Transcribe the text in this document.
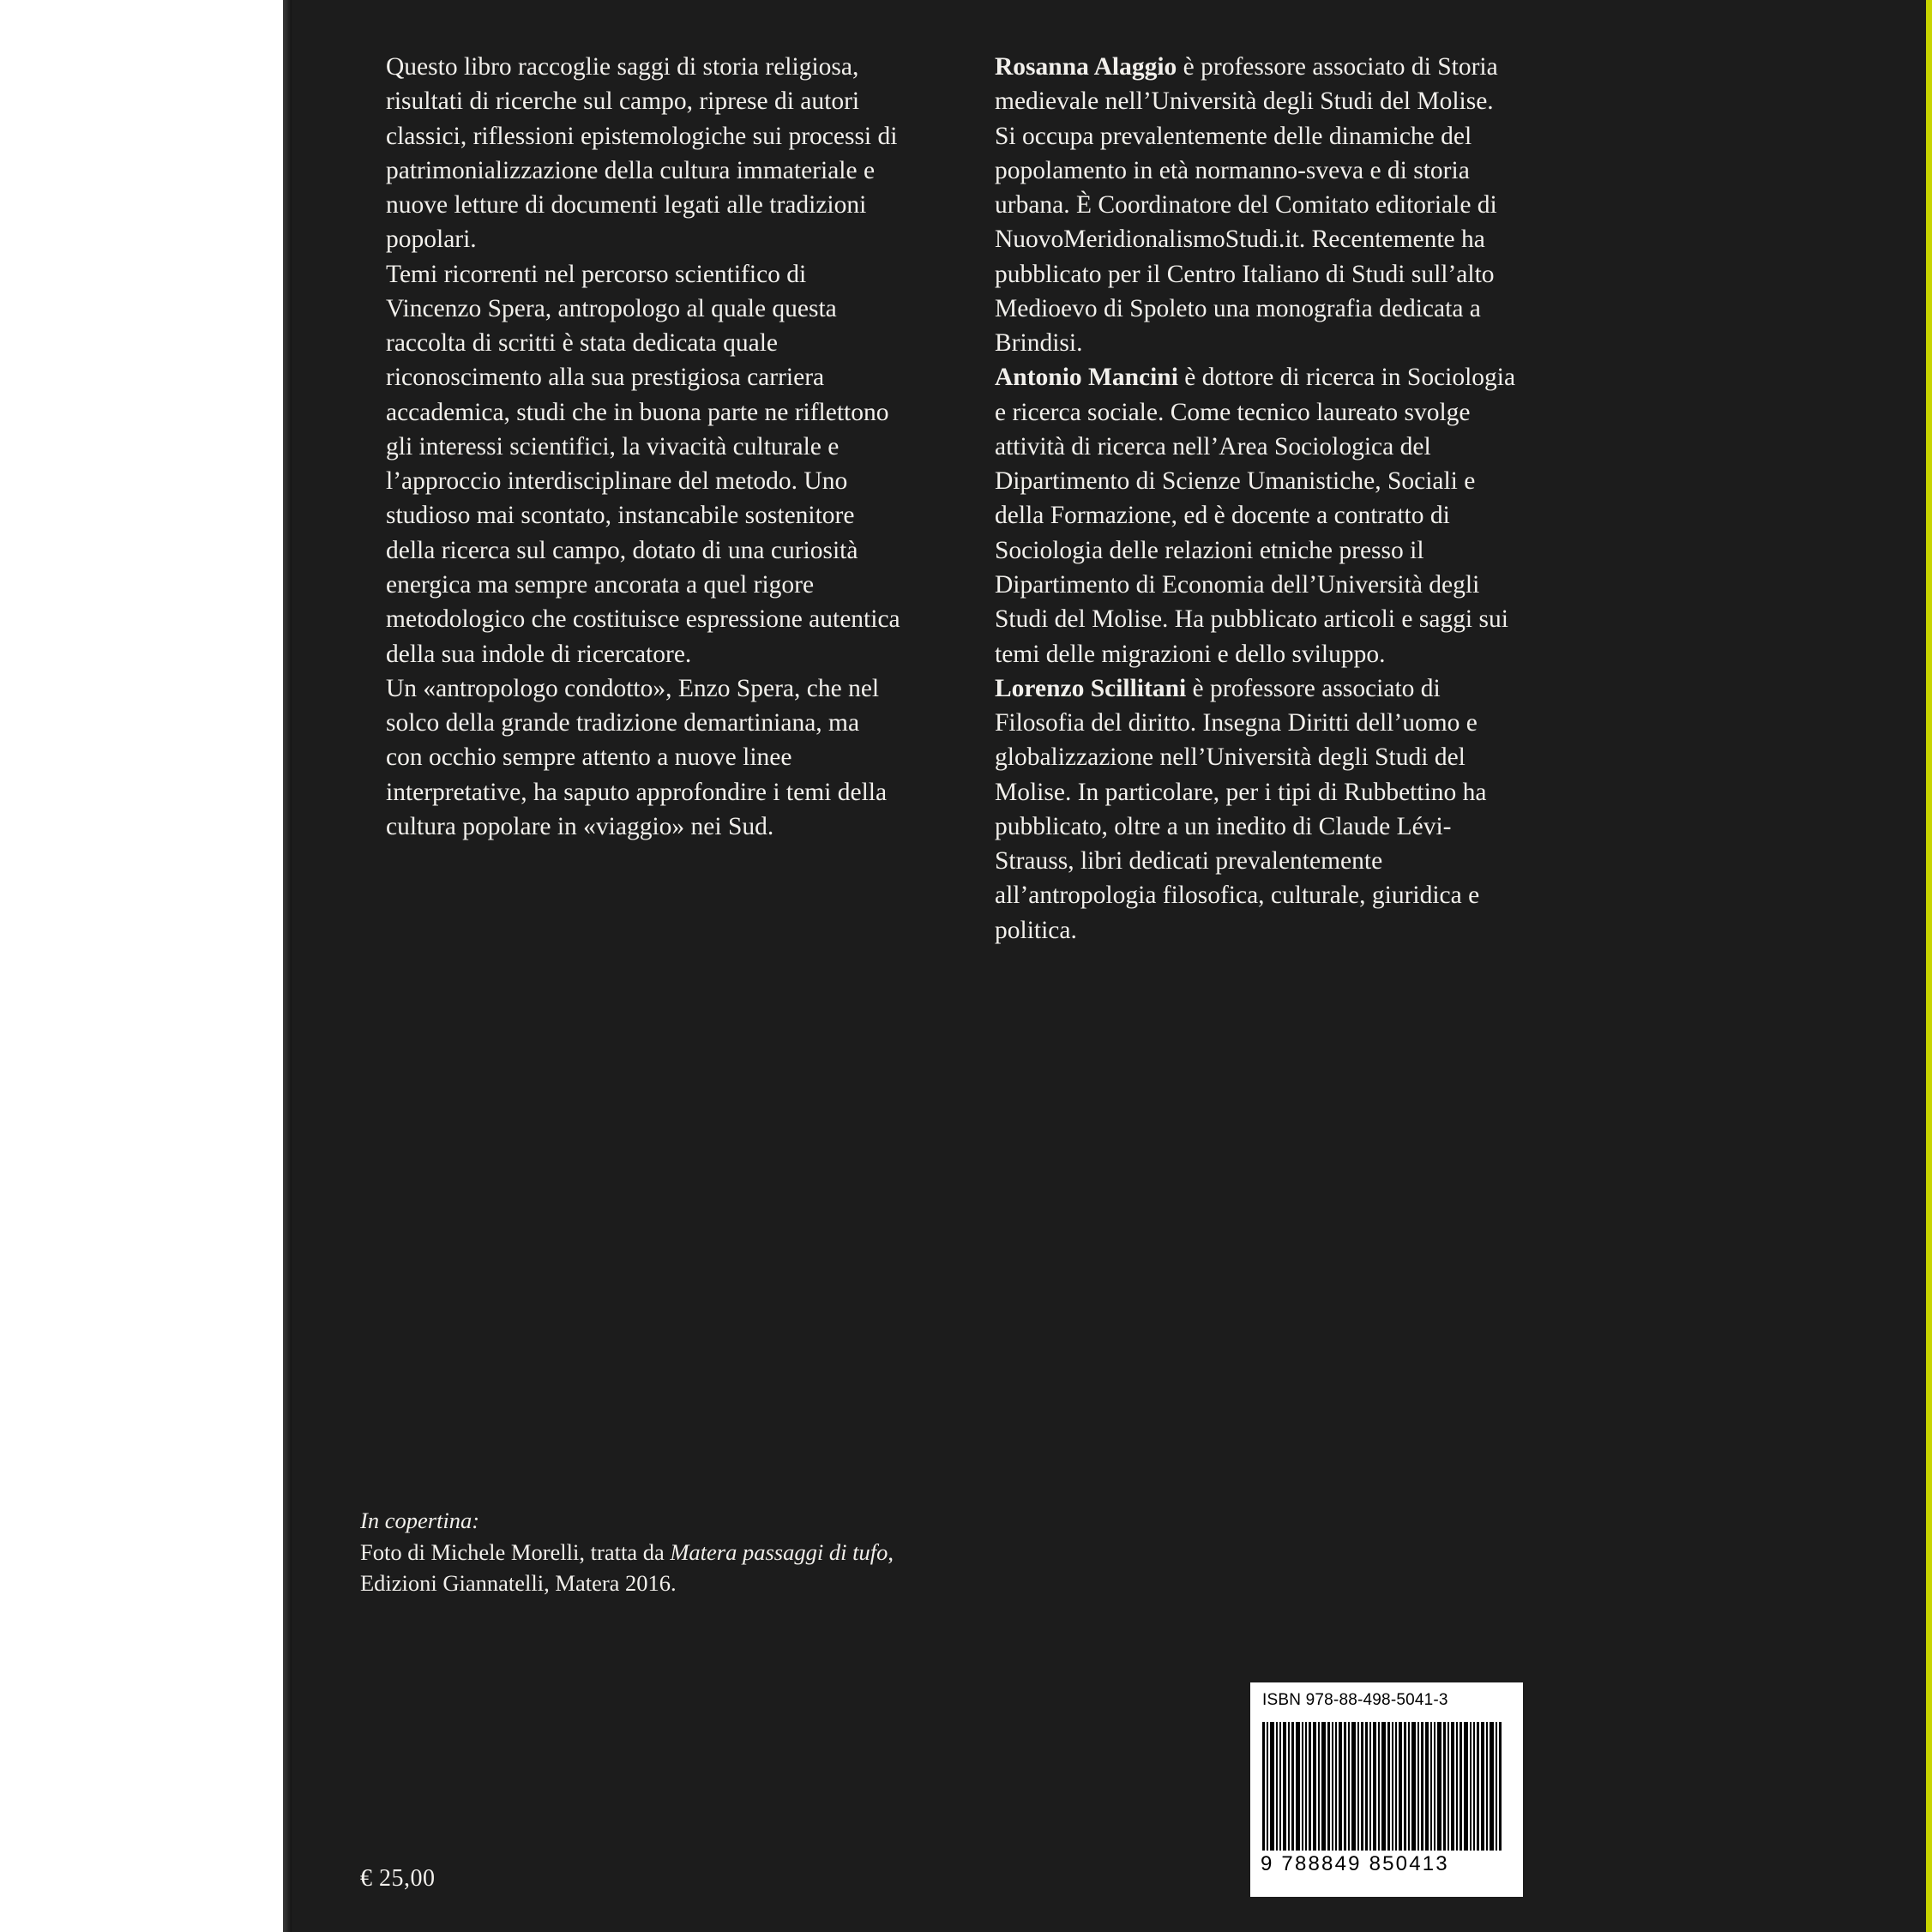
Questo libro raccoglie saggi di storia religiosa, risultati di ricerche sul campo, riprese di autori classici, riflessioni epistemologiche sui processi di patrimonializzazione della cultura immateriale e nuove letture di documenti legati alle tradizioni popolari.

Temi ricorrenti nel percorso scientifico di Vincenzo Spera, antropologo al quale questa raccolta di scritti è stata dedicata quale riconoscimento alla sua prestigiosa carriera accademica, studi che in buona parte ne riflettono gli interessi scientifici, la vivacità culturale e l’approccio interdisciplinare del metodo. Uno studioso mai scontato, instancabile sostenitore della ricerca sul campo, dotato di una curiosità energica ma sempre ancorata a quel rigore metodologico che costituisce espressione autentica della sua indole di ricercatore.

Un «antropologo condotto», Enzo Spera, che nel solco della grande tradizione demartiniana, ma con occhio sempre attento a nuove linee interpretative, ha saputo approfondire i temi della cultura popolare in «viaggio» nei Sud.

Rosanna Alaggio è professore associato di Storia medievale nell’Università degli Studi del Molise. Si occupa prevalentemente delle dinamiche del popolamento in età normanno-sveva e di storia urbana. È Coordinatore del Comitato editoriale di NuovoMeridionalismoStudi.it. Recentemente ha pubblicato per il Centro Italiano di Studi sull’alto Medioevo di Spoleto una monografia dedicata a Brindisi.

Antonio Mancini è dottore di ricerca in Sociologia e ricerca sociale. Come tecnico laureato svolge attività di ricerca nell’Area Sociologica del Dipartimento di Scienze Umanistiche, Sociali e della Formazione, ed è docente a contratto di Sociologia delle relazioni etniche presso il Dipartimento di Economia dell’Università degli Studi del Molise. Ha pubblicato articoli e saggi sui temi delle migrazioni e dello sviluppo.

Lorenzo Scillitani è professore associato di Filosofia del diritto. Insegna Diritti dell’uomo e globalizzazione nell’Università degli Studi del Molise. In particolare, per i tipi di Rubbettino ha pubblicato, oltre a un inedito di Claude Lévi-Strauss, libri dedicati prevalentemente all’antropologia filosofica, culturale, giuridica e politica.

In copertina:
Foto di Michele Morelli, tratta da Matera passaggi di tufo,
Edizioni Giannatelli, Matera 2016.
€ 25,00
ISBN 978-88-498-5041-3
9 788849 850413
